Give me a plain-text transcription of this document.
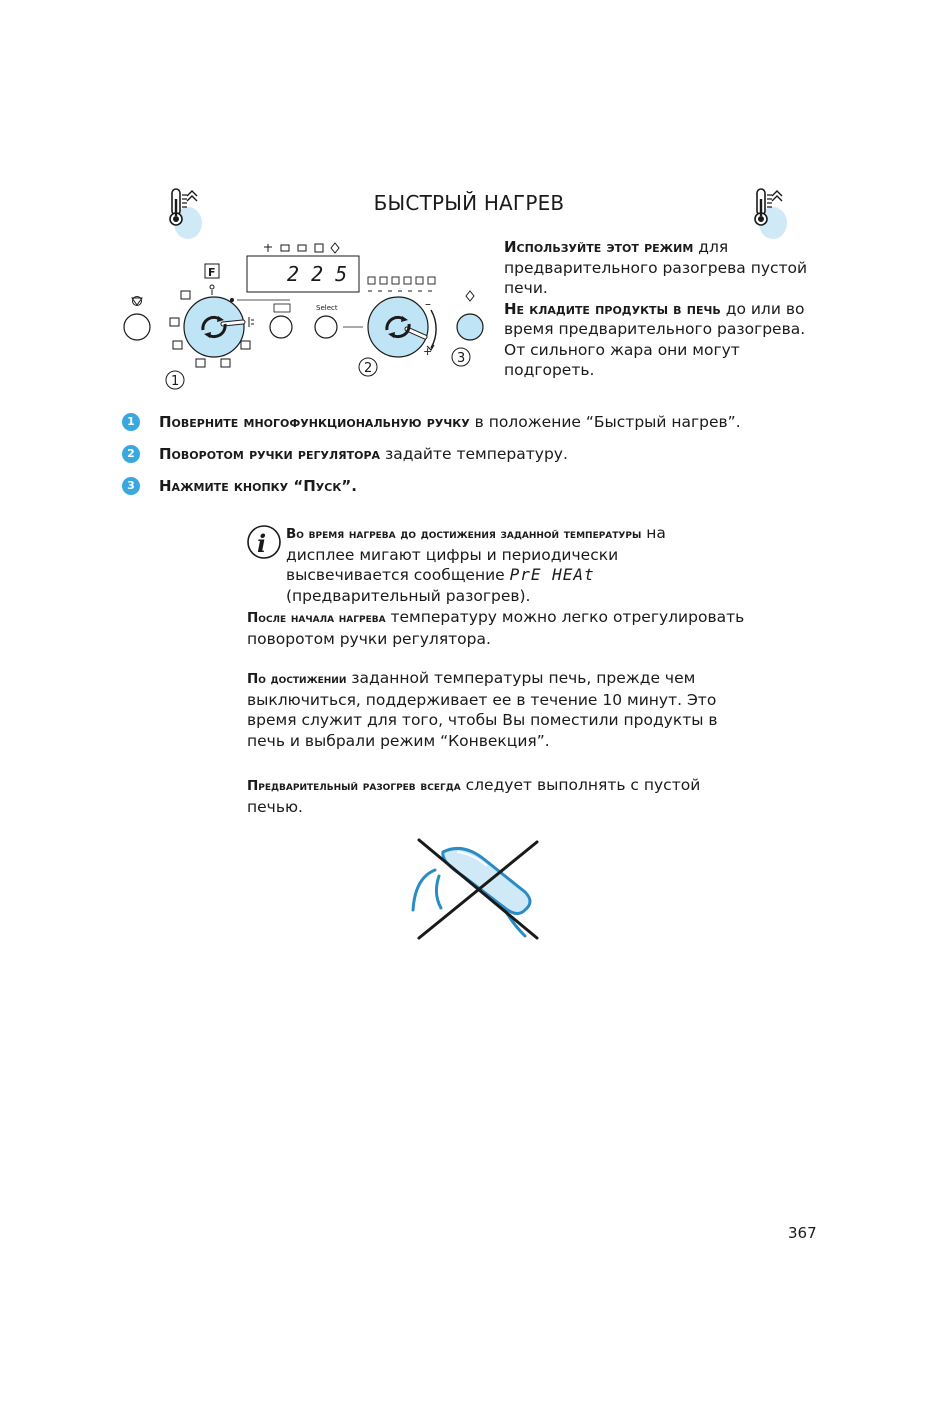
БЫСТРЫЙ НАГРЕВ
2 2 5
F
1
Select	–
+
2
3

Используйте этот режим для предварительного разогрева пустой печи.

Не кладите продукты в печь до или во время предварительного разогрева. От сильного жара они могут подгореть.

1	Поверните многофункциональную ручку в положение “Быстрый нагрев”.
2	Поворотом ручки регулятора задайте температуру.
3	Нажмите кнопку “Пуск”.
i Во время нагрева до достижения заданной температуры на дисплее мигают цифры и периодически высвечивается сообщение PrE HEAt (предварительный разогрев).

После начала нагрева температуру можно легко отрегулировать поворотом ручки регулятора.

По достижении заданной температуры печь, прежде чем выключиться, поддерживает ее в течение 10 минут. Это время служит для того, чтобы Вы поместили продукты в печь и выбрали режим “Конвекция”.

Предварительный разогрев всегда следует выполнять с пустой печью.

367
